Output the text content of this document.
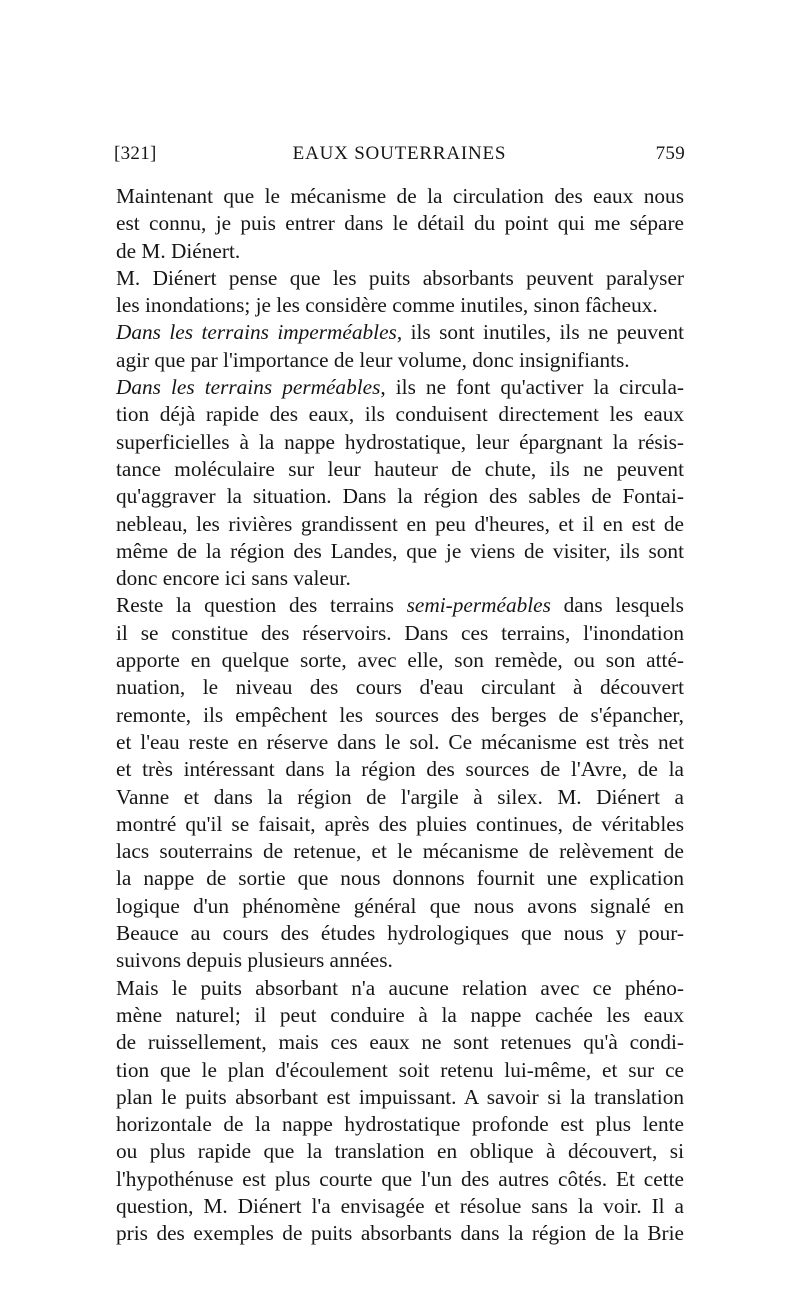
[321]	EAUX SOUTERRAINES	759
Maintenant que le mécanisme de la circulation des eaux nous
est connu, je puis entrer dans le détail du point qui me sépare
de M. Diénert.
M. Diénert pense que les puits absorbants peuvent paralyser
les inondations; je les considère comme inutiles, sinon fâcheux.
Dans les terrains imperméables, ils sont inutiles, ils ne peuvent
agir que par l'importance de leur volume, donc insignifiants.
Dans les terrains perméables, ils ne font qu'activer la circula-
tion déjà rapide des eaux, ils conduisent directement les eaux
superficielles à la nappe hydrostatique, leur épargnant la résis-
tance moléculaire sur leur hauteur de chute, ils ne peuvent
qu'aggraver la situation. Dans la région des sables de Fontai-
nebleau, les rivières grandissent en peu d'heures, et il en est de
même de la région des Landes, que je viens de visiter, ils sont
donc encore ici sans valeur.
Reste la question des terrains semi-perméables dans lesquels
il se constitue des réservoirs. Dans ces terrains, l'inondation
apporte en quelque sorte, avec elle, son remède, ou son atté-
nuation, le niveau des cours d'eau circulant à découvert
remonte, ils empêchent les sources des berges de s'épancher,
et l'eau reste en réserve dans le sol. Ce mécanisme est très net
et très intéressant dans la région des sources de l'Avre, de la
Vanne et dans la région de l'argile à silex. M. Diénert a
montré qu'il se faisait, après des pluies continues, de véritables
lacs souterrains de retenue, et le mécanisme de relèvement de
la nappe de sortie que nous donnons fournit une explication
logique d'un phénomène général que nous avons signalé en
Beauce au cours des études hydrologiques que nous y pour-
suivons depuis plusieurs années.
Mais le puits absorbant n'a aucune relation avec ce phéno-
mène naturel; il peut conduire à la nappe cachée les eaux
de ruissellement, mais ces eaux ne sont retenues qu'à condi-
tion que le plan d'écoulement soit retenu lui-même, et sur ce
plan le puits absorbant est impuissant. A savoir si la translation
horizontale de la nappe hydrostatique profonde est plus lente
ou plus rapide que la translation en oblique à découvert, si
l'hypothénuse est plus courte que l'un des autres côtés. Et cette
question, M. Diénert l'a envisagée et résolue sans la voir. Il a
pris des exemples de puits absorbants dans la région de la Brie
